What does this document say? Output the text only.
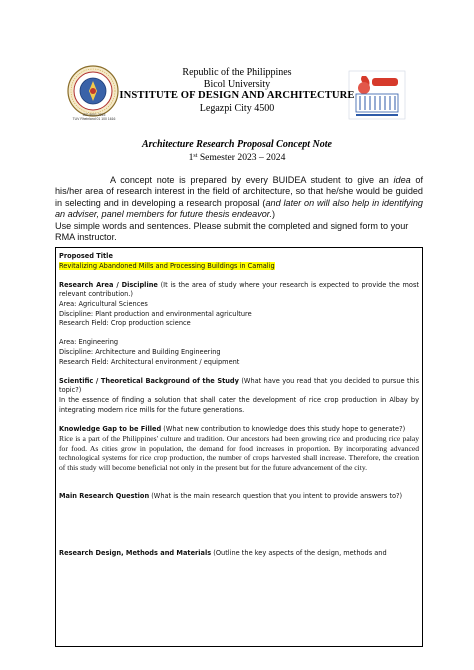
ISO 9001:2015
TUV Rheinland 01 100 1616
Republic of the Philippines
Bicol University
INSTITUTE OF DESIGN AND ARCHITECTURE
Legazpi City 4500
Architecture Research Proposal Concept Note
1st Semester 2023 – 2024
A concept note is prepared by every BUIDEA student to give an idea of his/her area of research interest in the field of architecture, so that he/she would be guided in selecting and in developing a research proposal (and later on will also help in identifying an adviser, panel members for future thesis endeavor.)
Use simple words and sentences. Please submit the completed and signed form to your RMA instructor.
Proposed Title
Revitalizing Abandoned Mills and Processing Buildings in Camalig
Research Area / Discipline (It is the area of study where your research is expected to provide the most relevant contribution.)
Area: Agricultural Sciences
Discipline: Plant production and environmental agriculture
Research Field: Crop production science
Area: Engineering
Discipline: Architecture and Building Engineering
Research Field: Architectural environment / equipment
Scientific / Theoretical Background of the Study (What have you read that you decided to pursue this topic?)
In the essence of finding a solution that shall cater the development of rice crop production in Albay by integrating modern rice mills for the future generations.
Knowledge Gap to be Filled (What new contribution to knowledge does this study hope to generate?)
Rice is a part of the Philippines' culture and tradition. Our ancestors had been growing rice and producing rice palay for food. As cities grow in population, the demand for food increases in proportion. By incorporating advanced technological systems for rice crop production, the number of crops harvested shall increase. Therefore, the creation of this study will become beneficial not only in the present but for the future advancement of the city.
Main Research Question (What is the main research question that you intent to provide answers to?)
Research Design, Methods and Materials (Outline the key aspects of the design, methods and
